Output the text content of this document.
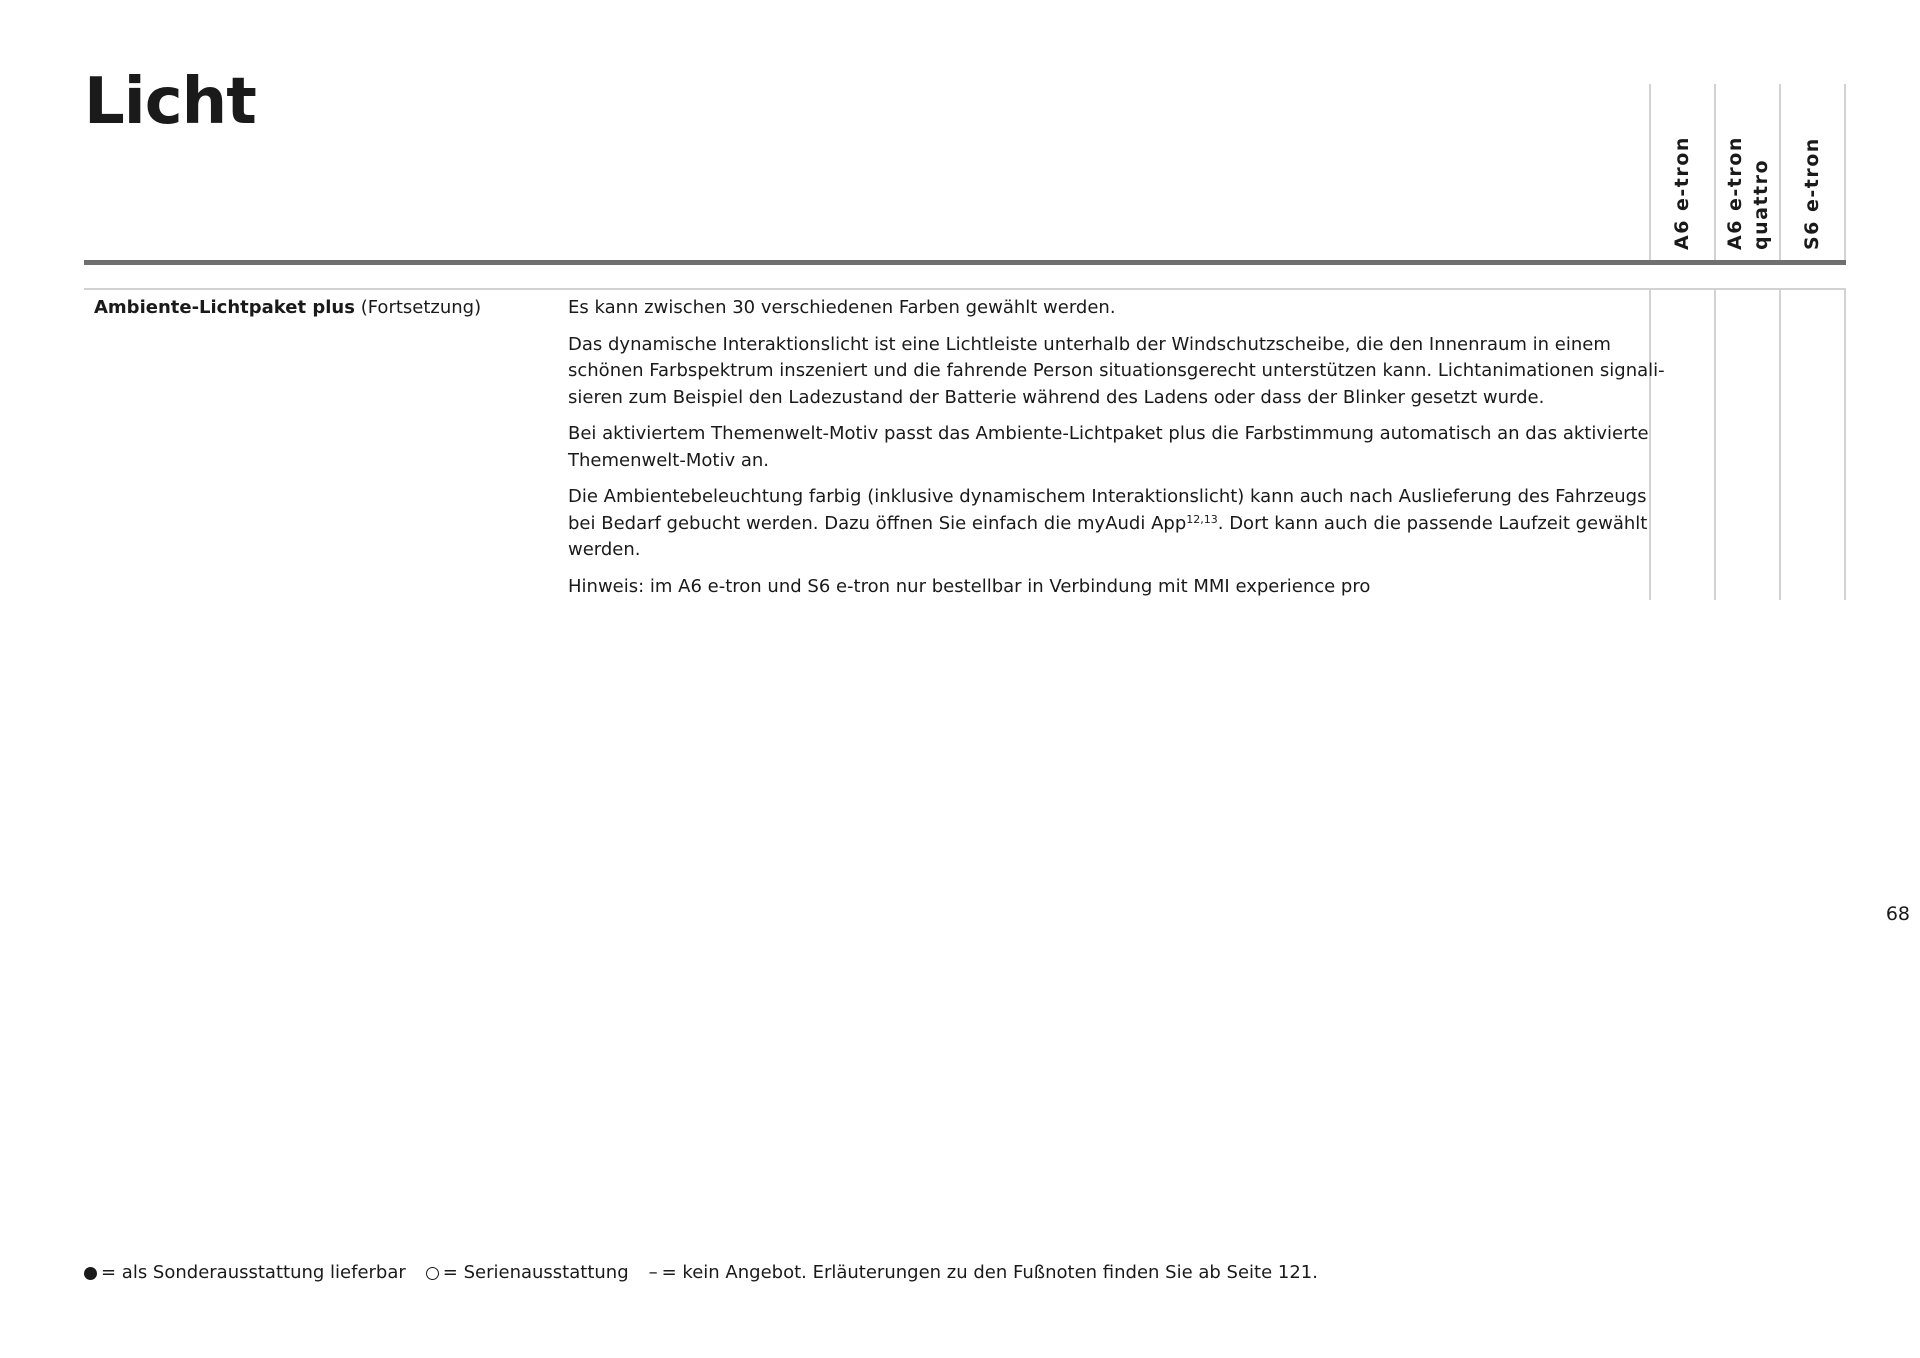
Licht
A6 e-tron A6 e-tron quattro S6 e-tron
Ambiente-Lichtpaket plus (Fortsetzung)	Es kann zwischen 30 verschiedenen Farben gewählt werden.

Das dynamische Interaktionslicht ist eine Lichtleiste unterhalb der Windschutzscheibe, die den Innenraum in einem
schönen Farbspektrum inszeniert und die fahrende Person situationsgerecht unterstützen kann. Lichtanimationen signali-
sieren zum Beispiel den Ladezustand der Batterie während des Ladens oder dass der Blinker gesetzt wurde.

Bei aktiviertem Themenwelt-Motiv passt das Ambiente-Lichtpaket plus die Farbstimmung automatisch an das aktivierte
Themenwelt-Motiv an.

Die Ambientebeleuchtung farbig (inklusive dynamischem Interaktionslicht) kann auch nach Auslieferung des Fahrzeugs
bei Bedarf gebucht werden. Dazu öffnen Sie einfach die myAudi App$^{12,13}$. Dort kann auch die passende Laufzeit gewählt
werden.

Hinweis: im A6 e-tron und S6 e-tron nur bestellbar in Verbindung mit MMI experience pro

68
= als Sonderausstattung lieferbar = Serienausstattung – = kein Angebot. Erläuterungen zu den Fußnoten finden Sie ab Seite 121.
